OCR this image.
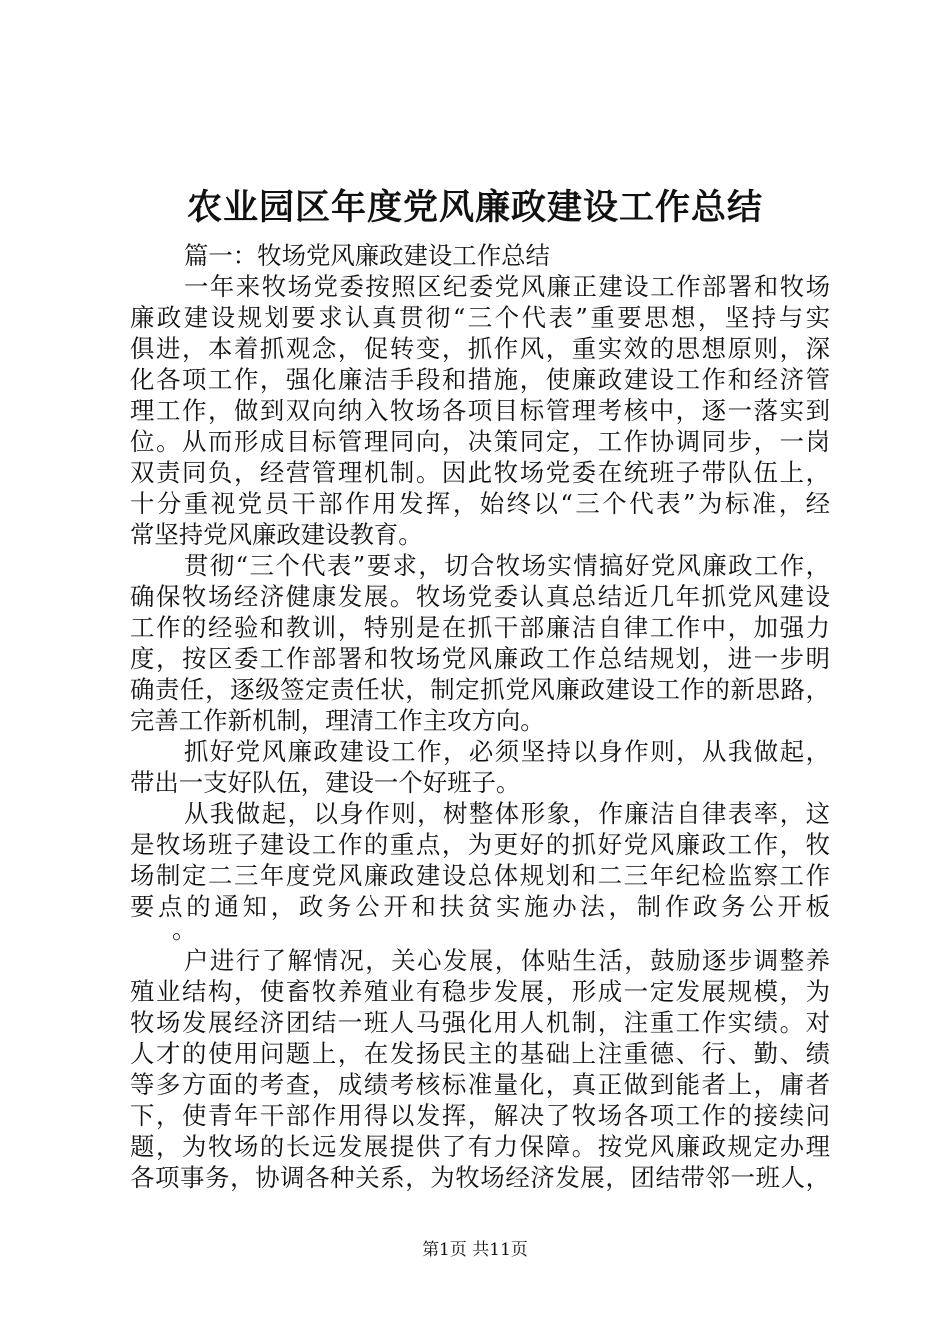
农业园区年度党风廉政建设工作总结
篇一：牧场党风廉政建设工作总结
一年来牧场党委按照区纪委党风廉正建设工作部署和牧场
廉政建设规划要求认真贯彻“三个代表”重要思想，坚持与实
俱进，本着抓观念，促转变，抓作风，重实效的思想原则，深
化各项工作，强化廉洁手段和措施，使廉政建设工作和经济管
理工作，做到双向纳入牧场各项目标管理考核中，逐一落实到
位。从而形成目标管理同向，决策同定，工作协调同步，一岗
双责同负，经营管理机制。因此牧场党委在统班子带队伍上，
十分重视党员干部作用发挥，始终以“三个代表”为标准，经
常坚持党风廉政建设教育。
贯彻“三个代表”要求，切合牧场实情搞好党风廉政工作，
确保牧场经济健康发展。牧场党委认真总结近几年抓党风建设
工作的经验和教训，特别是在抓干部廉洁自律工作中，加强力
度，按区委工作部署和牧场党风廉政工作总结规划，进一步明
确责任，逐级签定责任状，制定抓党风廉政建设工作的新思路，
完善工作新机制，理清工作主攻方向。
抓好党风廉政建设工作，必须坚持以身作则，从我做起，
带出一支好队伍，建设一个好班子。
从我做起，以身作则，树整体形象，作廉洁自律表率，这
是牧场班子建设工作的重点，为更好的抓好党风廉政工作，牧
场制定二三年度党风廉政建设总体规划和二三年纪检监察工作
要点的通知，政务公开和扶贫实施办法，制作政务公开板
。
户进行了解情况，关心发展，体贴生活，鼓励逐步调整养
殖业结构，使畜牧养殖业有稳步发展，形成一定发展规模，为
牧场发展经济团结一班人马强化用人机制，注重工作实绩。对
人才的使用问题上，在发扬民主的基础上注重德、行、勤、绩
等多方面的考查，成绩考核标准量化，真正做到能者上，庸者
下，使青年干部作用得以发挥，解决了牧场各项工作的接续问
题，为牧场的长远发展提供了有力保障。按党风廉政规定办理
各项事务，协调各种关系，为牧场经济发展，团结带邻一班人，
第1页 共11页
